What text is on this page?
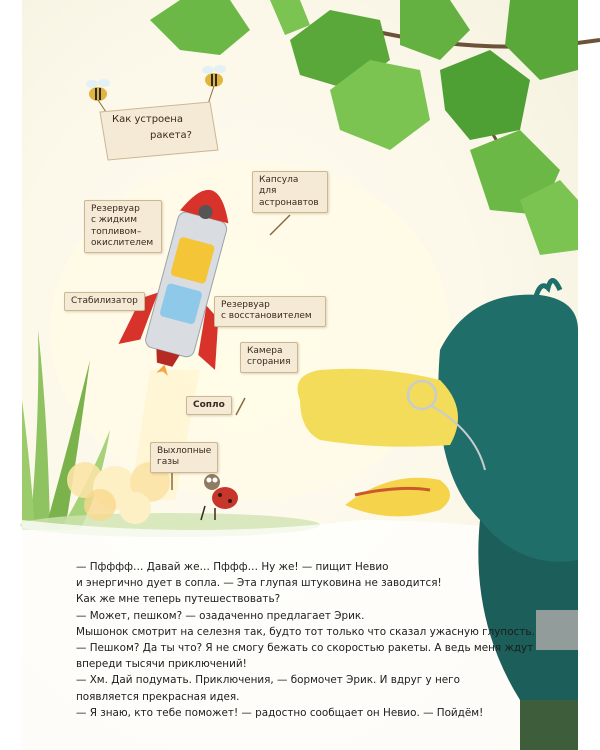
Как устроена
ракета?
Капсула
для
астронавтов
Резервуар
с жидким
топливом–
окислителем
Стабилизатор	Резервуар
с восстановителем
Камера
сгорания
Сопло
Выхлопные
газы

— Пфффф… Давай же… Пффф… Ну же! — пищит Невио

и энергично дует в сопла. — Эта глупая штуковина не заводится!

Как же мне теперь путешествовать?

— Может, пешком? — озадаченно предлагает Эрик.

Мышонок смотрит на селезня так, будто тот только что сказал ужасную глупость.

— Пешком? Да ты что? Я не смогу бежать со скоростью ракеты. А ведь меня ждут

впереди тысячи приключений!

— Хм. Дай подумать. Приключения, — бормочет Эрик. И вдруг у него

появляется прекрасная идея.

— Я знаю, кто тебе поможет! — радостно сообщает он Невио. — Пойдём!
